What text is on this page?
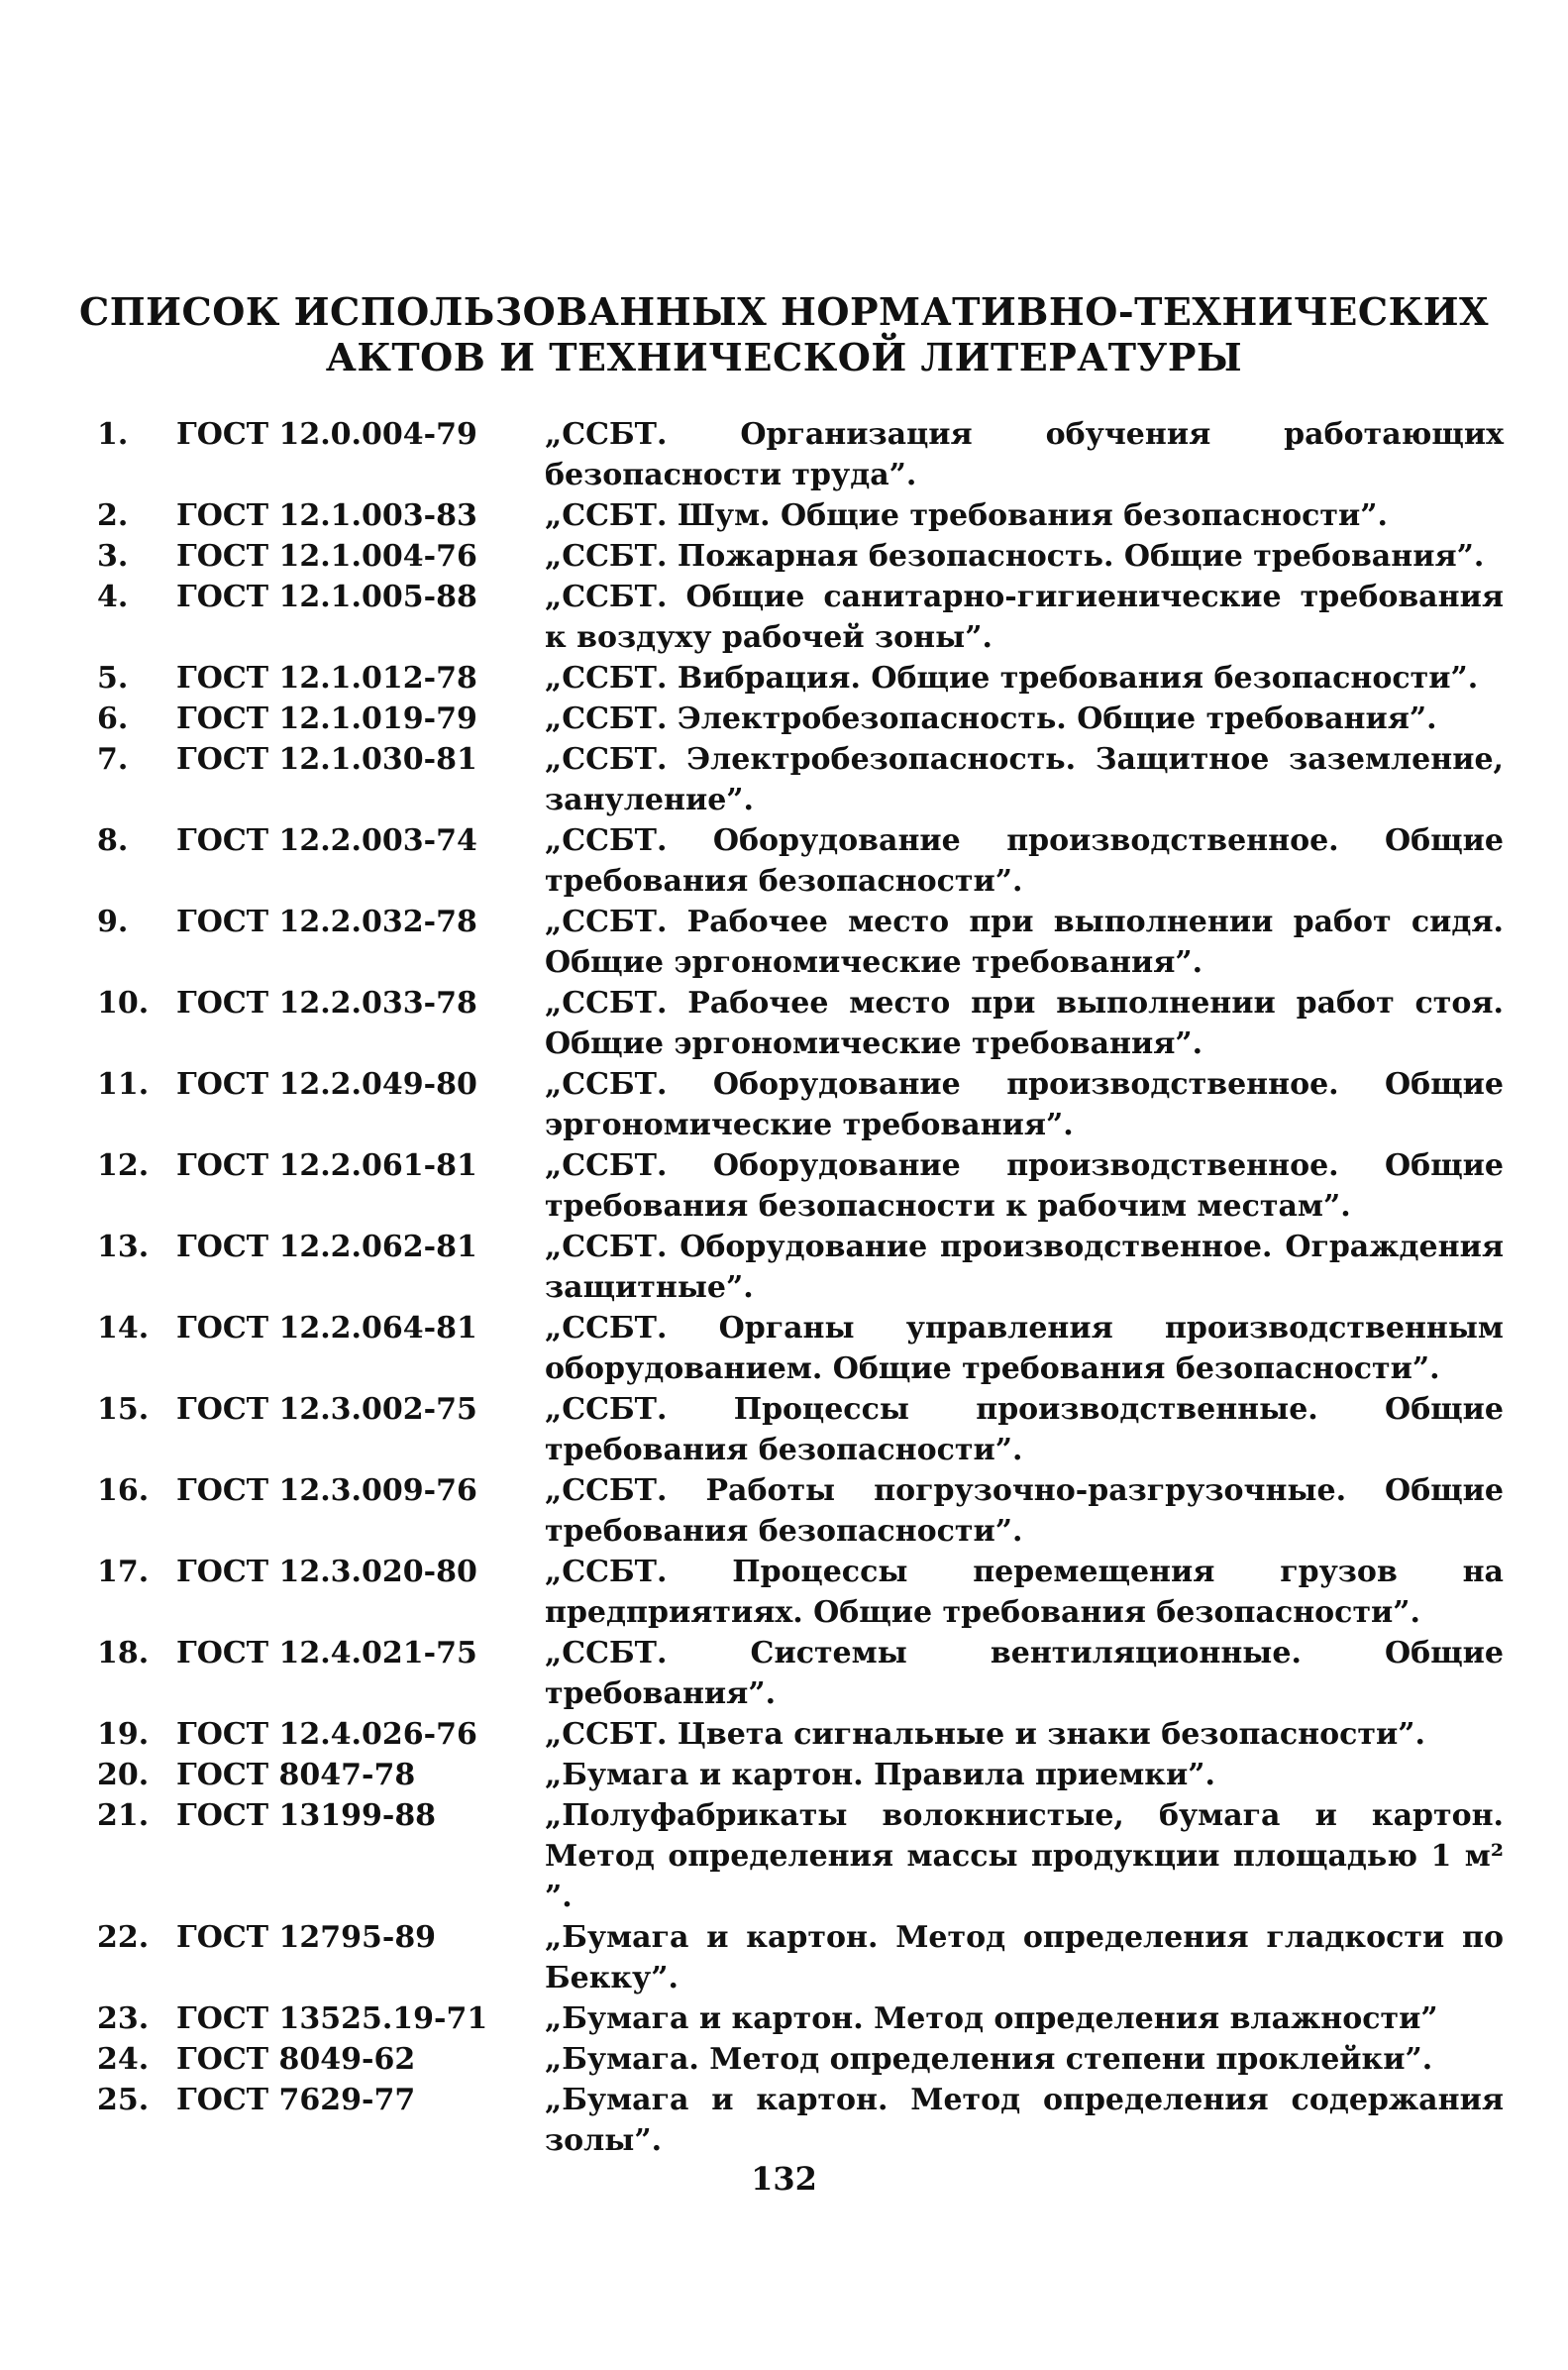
СПИСОК ИСПОЛЬЗОВАННЫХ НОРМАТИВНО-ТЕХНИЧЕСКИХ
АКТОВ И ТЕХНИЧЕСКОЙ ЛИТЕРАТУРЫ
1.	ГОСТ 12.0.004-79	„ССБТ. Организация обучения работающих безопасности труда”.
2.	ГОСТ 12.1.003-83	„ССБТ. Шум. Общие требования безопасности”.
3.	ГОСТ 12.1.004-76	„ССБТ. Пожарная безопасность. Общие требования”.
4.	ГОСТ 12.1.005-88	„ССБТ. Общие санитарно-гигиенические требования к воздуху рабочей зоны”.
5.	ГОСТ 12.1.012-78	„ССБТ. Вибрация. Общие требования безопасности”.
6.	ГОСТ 12.1.019-79	„ССБТ. Электробезопасность. Общие требования”.
7.	ГОСТ 12.1.030-81	„ССБТ. Электробезопасность. Защитное заземление, зануление”.
8.	ГОСТ 12.2.003-74	„ССБТ. Оборудование производственное. Общие требования безопасности”.
9.	ГОСТ 12.2.032-78	„ССБТ. Рабочее место при выполнении работ сидя. Общие эргономические требования”.
10. ГОСТ 12.2.033-78	„ССБТ. Рабочее место при выполнении работ стоя. Общие эргономические требования”.
11. ГОСТ 12.2.049-80	„ССБТ. Оборудование производственное. Общие эргономические требования”.
12. ГОСТ 12.2.061-81	„ССБТ. Оборудование производственное. Общие требования безопасности к рабочим местам”.
13. ГОСТ 12.2.062-81	„ССБТ. Оборудование производственное. Ограждения защитные”.
14. ГОСТ 12.2.064-81	„ССБТ. Органы управления производственным оборудованием. Общие требования безопасности”.
15. ГОСТ 12.3.002-75	„ССБТ. Процессы производственные. Общие требования безопасности”.
16. ГОСТ 12.3.009-76	„ССБТ. Работы погрузочно-разгрузочные. Общие требования безопасности”.
17. ГОСТ 12.3.020-80	„ССБТ. Процессы перемещения грузов на предприятиях. Общие требования безопасности”.
18. ГОСТ 12.4.021-75	„ССБТ. Системы вентиляционные. Общие требования”.
19. ГОСТ 12.4.026-76	„ССБТ. Цвета сигнальные и знаки безопасности”.
20. ГОСТ 8047-78	„Бумага и картон. Правила приемки”.
21. ГОСТ 13199-88	„Полуфабрикаты волокнистые, бумага и картон. Метод определения массы продукции площадью 1 м² ”.
22. ГОСТ 12795-89	„Бумага и картон. Метод определения гладкости по Бекку”.
23. ГОСТ 13525.19-71	„Бумага и картон. Метод определения влажности”
24. ГОСТ 8049-62	„Бумага. Метод определения степени проклейки”.
25. ГОСТ 7629-77	„Бумага и картон. Метод определения содержания золы”.
132
